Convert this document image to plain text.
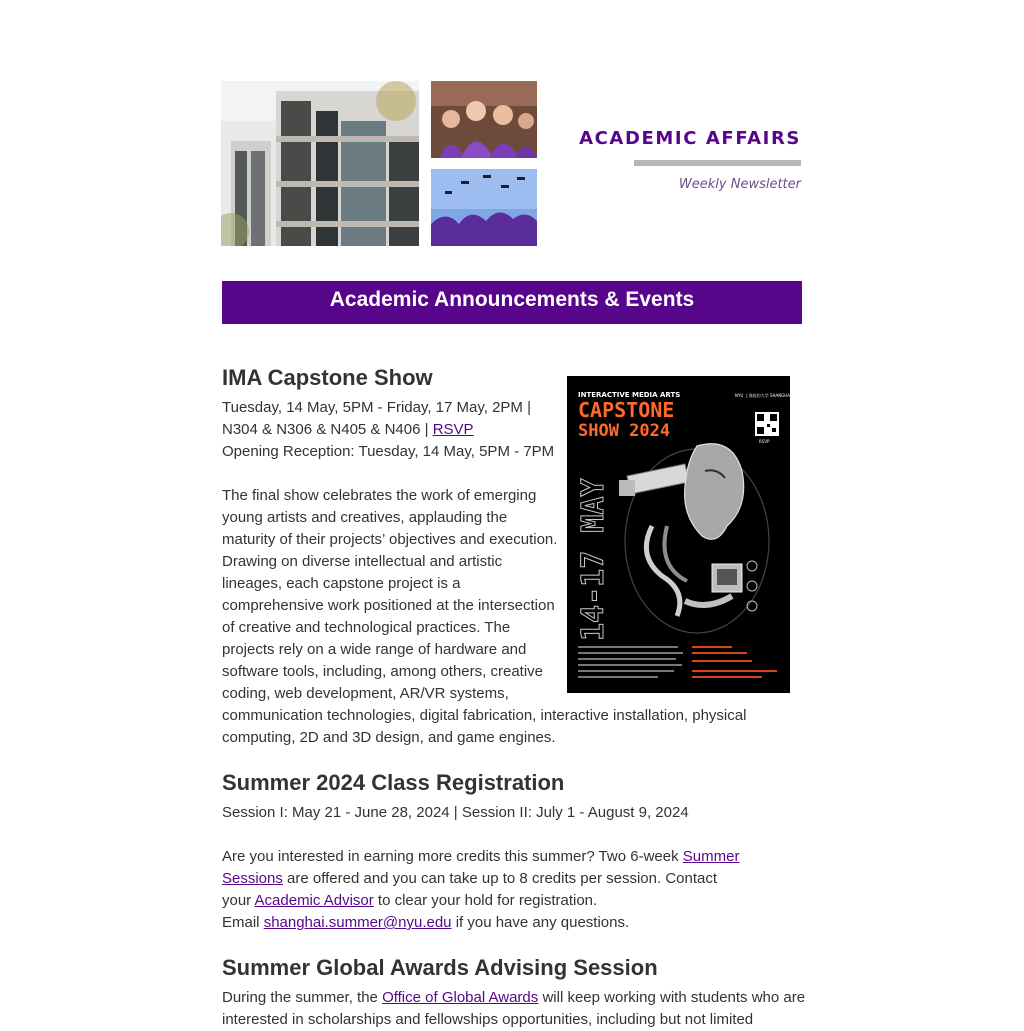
ACADEMIC AFFAIRS
Weekly Newsletter
Academic Announcements & Events
IMA Capstone Show
Tuesday, 14 May, 5PM - Friday, 17 May, 2PM |
N304 & N306 & N405 & N406 | RSVP
Opening Reception: Tuesday, 14 May, 5PM - 7PM
The final show celebrates the work of emerging
young artists and creatives, applauding the
maturity of their projects’ objectives and execution.
Drawing on diverse intellectual and artistic
lineages, each capstone project is a
comprehensive work positioned at the intersection
of creative and technological practices. The
projects rely on a wide range of hardware and
software tools, including, among others, creative
coding, web development, AR/VR systems,
communication technologies, digital fabrication, interactive installation, physical
computing, 2D and 3D design, and game engines.
INTERACTIVE MEDIA ARTS	NYU 上海纽约大学 SHANGHAI
CAPSTONE
SHOW 2024
RSVP
14-17 MAY
Summer 2024 Class Registration
Session I: May 21 - June 28, 2024 | Session II: July 1 - August 9, 2024
Are you interested in earning more credits this summer? Two 6-week Summer
Sessions are offered and you can take up to 8 credits per session. Contact
your Academic Advisor to clear your hold for registration.
Email shanghai.summer@nyu.edu if you have any questions.
Summer Global Awards Advising Session
During the summer, the Office of Global Awards will keep working with students who are
interested in scholarships and fellowships opportunities, including but not limited
